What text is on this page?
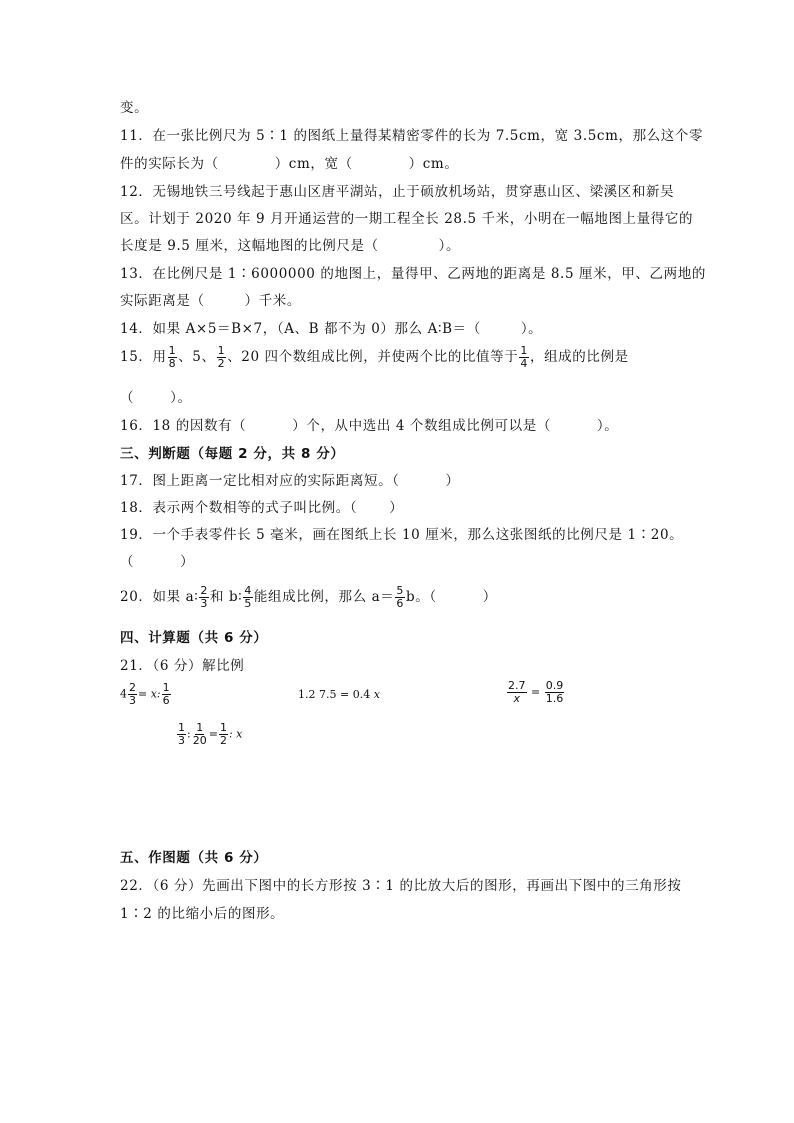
变。
11．在一张比例尺为 5∶1 的图纸上量得某精密零件的长为 7.5cm，宽 3.5cm，那么这个零
件的实际长为（	）cm，宽（	）cm。
12．无锡地铁三号线起于惠山区唐平湖站，止于硕放机场站，贯穿惠山区、梁溪区和新吴
区。计划于 2020 年 9 月开通运营的一期工程全长 28.5 千米，小明在一幅地图上量得它的
长度是 9.5 厘米，这幅地图的比例尺是（	）。
13．在比例尺是 1∶6000000 的地图上，量得甲、乙两地的距离是 8.5 厘米，甲、乙两地的
实际距离是（	）千米。
14．如果 A×5＝B×7，（A、B 都不为 0）那么 A∶B＝（	）。
15．用 $\frac{1}{8}$ 、5、 $\frac{1}{2}$ 、20 四个数组成比例，并使两个比的比值等于 $\frac{1}{4}$ ，组成的比例是
（	）。
16．18 的因数有（	）个，从中选出 4 个数组成比例可以是（	）。
三、判断题（每题 2 分，共 8 分）
17．图上距离一定比相对应的实际距离短。（	）
18．表示两个数相等的式子叫比例。（ ）
19．一个手表零件长 5 毫米，画在图纸上长 10 厘米，那么这张图纸的比例尺是 1∶20。
（	）
20．如果 a∶ $\frac{2}{3}$ 和 b∶ $\frac{4}{5}$ 能组成比例，那么 $a= \frac{5}{6}$ b。（	）
四、计算题（共 6 分）
21．（6 分）解比例
$4 \frac{2}{3} = x$: $\frac{1}{6}$	1.2 7.5 = 0.4 x	$\frac{2.7}{x} = \frac{0.9}{1.6}$
$\frac{1}{3}$ : $\frac{1}{20} = \frac{1}{2}$ : x
五、作图题（共 6 分）
22．（6 分）先画出下图中的长方形按 3∶1 的比放大后的图形，再画出下图中的三角形按
1∶2 的比缩小后的图形。
